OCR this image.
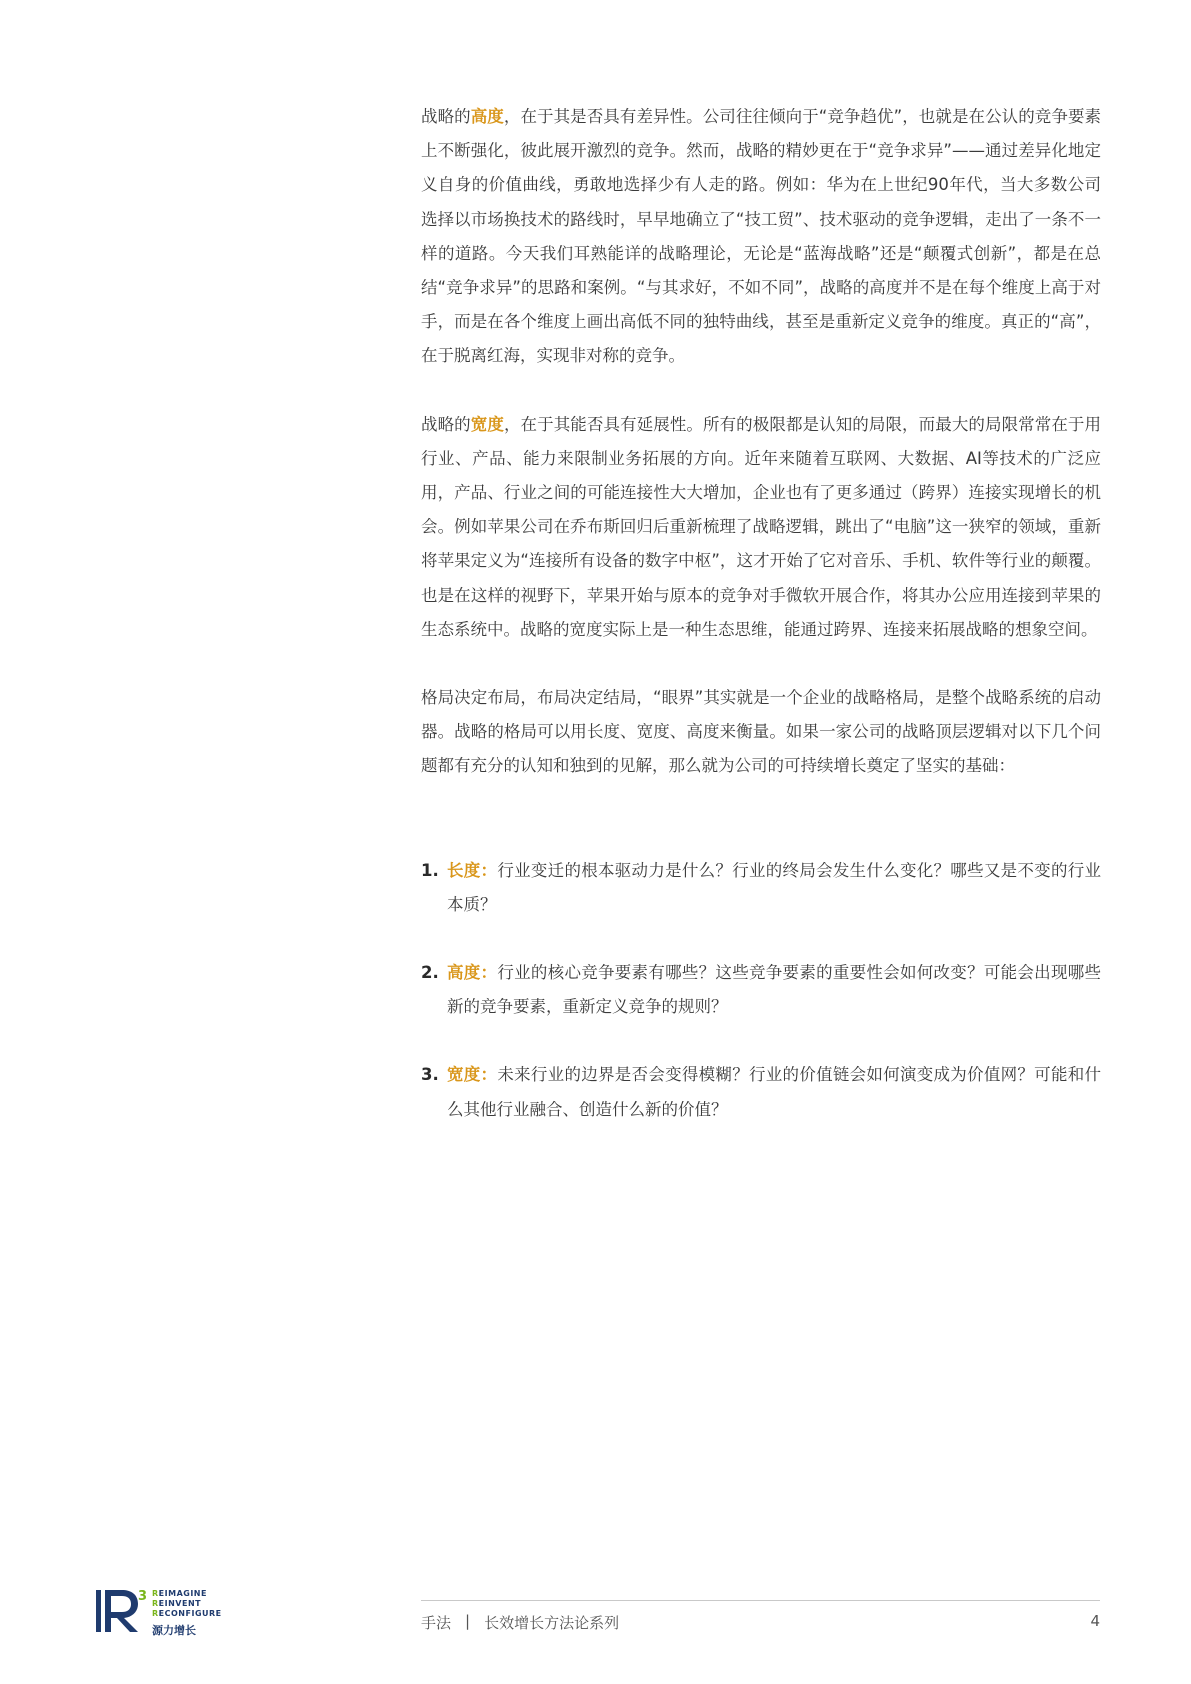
战略的高度，在于其是否具有差异性。公司往往倾向于“竞争趋优”，也就是在公认的竞争要素上不断强化，彼此展开激烈的竞争。然而，战略的精妙更在于“竞争求异”——通过差异化地定义自身的价值曲线，勇敢地选择少有人走的路。例如：华为在上世纪90年代，当大多数公司选择以市场换技术的路线时，早早地确立了“技工贸”、技术驱动的竞争逻辑，走出了一条不一样的道路。今天我们耳熟能详的战略理论，无论是“蓝海战略”还是“颠覆式创新”，都是在总结“竞争求异”的思路和案例。“与其求好，不如不同”，战略的高度并不是在每个维度上高于对手，而是在各个维度上画出高低不同的独特曲线，甚至是重新定义竞争的维度。真正的“高”，在于脱离红海，实现非对称的竞争。

战略的宽度，在于其能否具有延展性。所有的极限都是认知的局限，而最大的局限常常在于用行业、产品、能力来限制业务拓展的方向。近年来随着互联网、大数据、AI等技术的广泛应用，产品、行业之间的可能连接性大大增加，企业也有了更多通过（跨界）连接实现增长的机会。例如苹果公司在乔布斯回归后重新梳理了战略逻辑，跳出了“电脑”这一狭窄的领域，重新将苹果定义为“连接所有设备的数字中枢”，这才开始了它对音乐、手机、软件等行业的颠覆。也是在这样的视野下，苹果开始与原本的竞争对手微软开展合作，将其办公应用连接到苹果的生态系统中。战略的宽度实际上是一种生态思维，能通过跨界、连接来拓展战略的想象空间。

格局决定布局，布局决定结局，“眼界”其实就是一个企业的战略格局，是整个战略系统的启动器。战略的格局可以用长度、宽度、高度来衡量。如果一家公司的战略顶层逻辑对以下几个问题都有充分的认知和独到的见解，那么就为公司的可持续增长奠定了坚实的基础：

1. 长度：行业变迁的根本驱动力是什么？行业的终局会发生什么变化？哪些又是不变的行业本质？
2. 高度：行业的核心竞争要素有哪些？这些竞争要素的重要性会如何改变？可能会出现哪些新的竞争要素，重新定义竞争的规则？
3. 宽度：未来行业的边界是否会变得模糊？行业的价值链会如何演变成为价值网？可能和什么其他行业融合、创造什么新的价值？
3 REIMAGINE
REINVENT
RECONFIGURE
源力增长	手法 | 长效增长方法论系列	4
